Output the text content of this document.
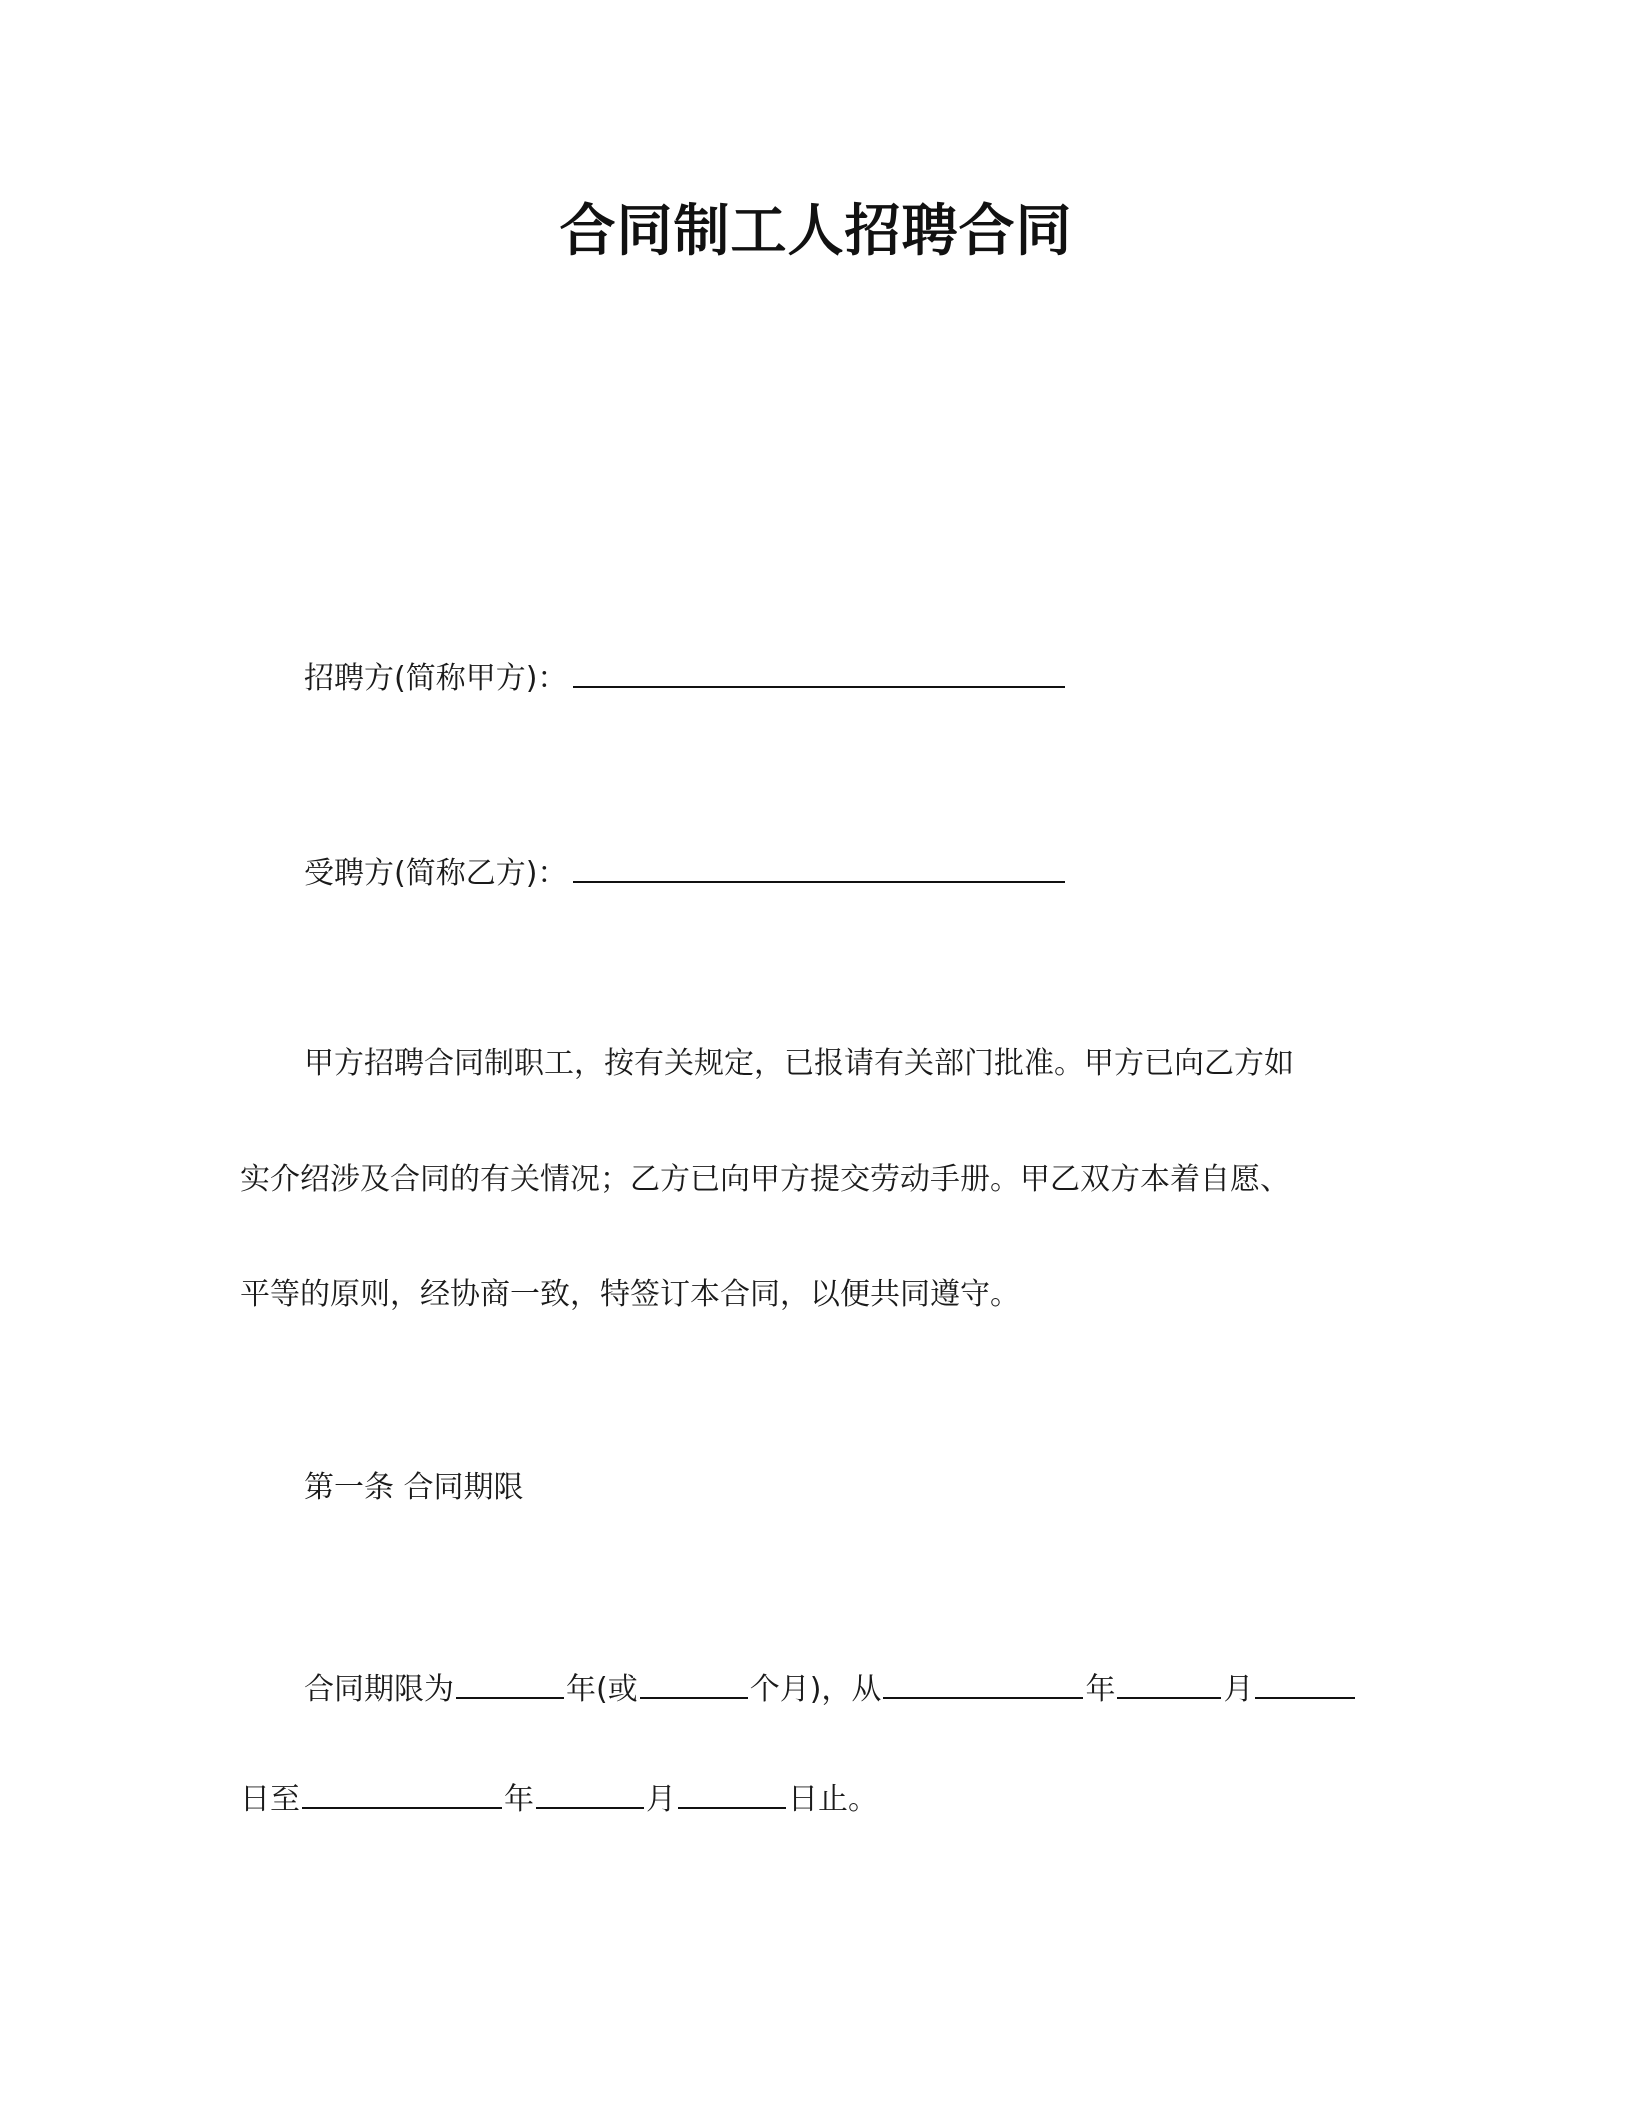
合同制工人招聘合同
招聘方(简称甲方)：
受聘方(简称乙方)：
甲方招聘合同制职工，按有关规定，已报请有关部门批准。甲方已向乙方如
实介绍涉及合同的有关情况；乙方已向甲方提交劳动手册。甲乙双方本着自愿、
平等的原则，经协商一致，特签订本合同，以便共同遵守。
第一条 合同期限
合同期限为	年(或	个月)，从	年	月
日至	年	月	日止。
